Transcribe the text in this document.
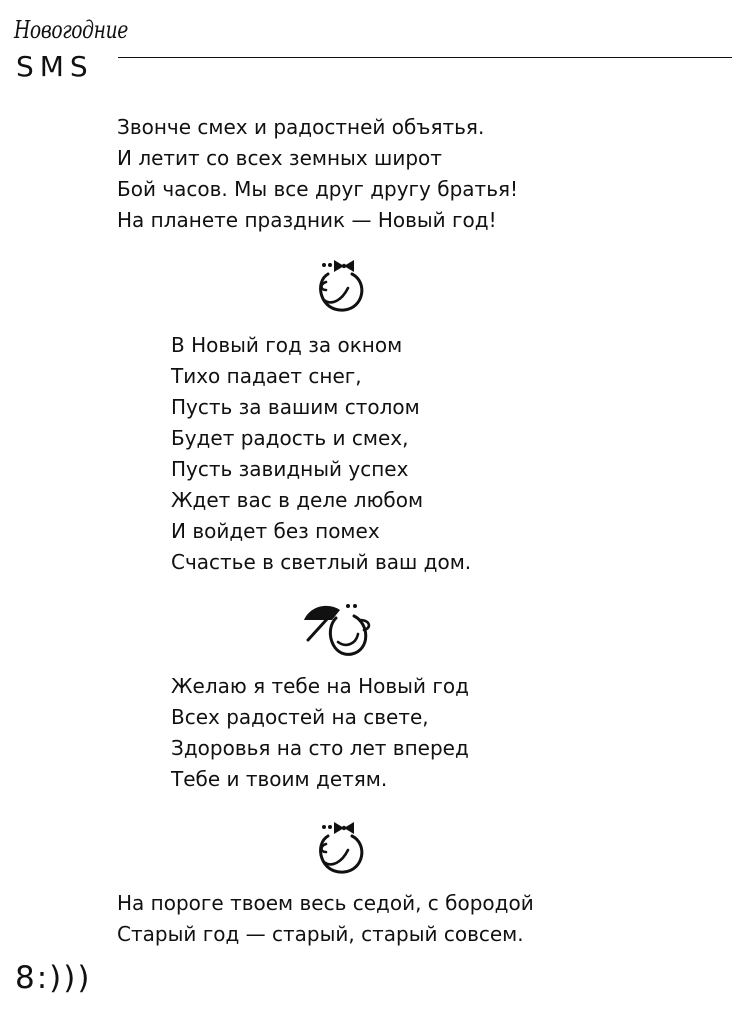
Новогодние
SMS
Звонче смех и радостней объятья.
И летит со всех земных широт
Бой часов. Мы все друг другу братья!
На планете праздник — Новый год!
В Новый год за окном
Тихо падает снег,
Пусть за вашим столом
Будет радость и смех,
Пусть завидный успех
Ждет вас в деле любом
И войдет без помех
Счастье в светлый ваш дом.
Желаю я тебе на Новый год
Всех радостей на свете,
Здоровья на сто лет вперед
Тебе и твоим детям.
На пороге твоем весь седой, с бородой
Старый год — старый, старый совсем.
8:)))
